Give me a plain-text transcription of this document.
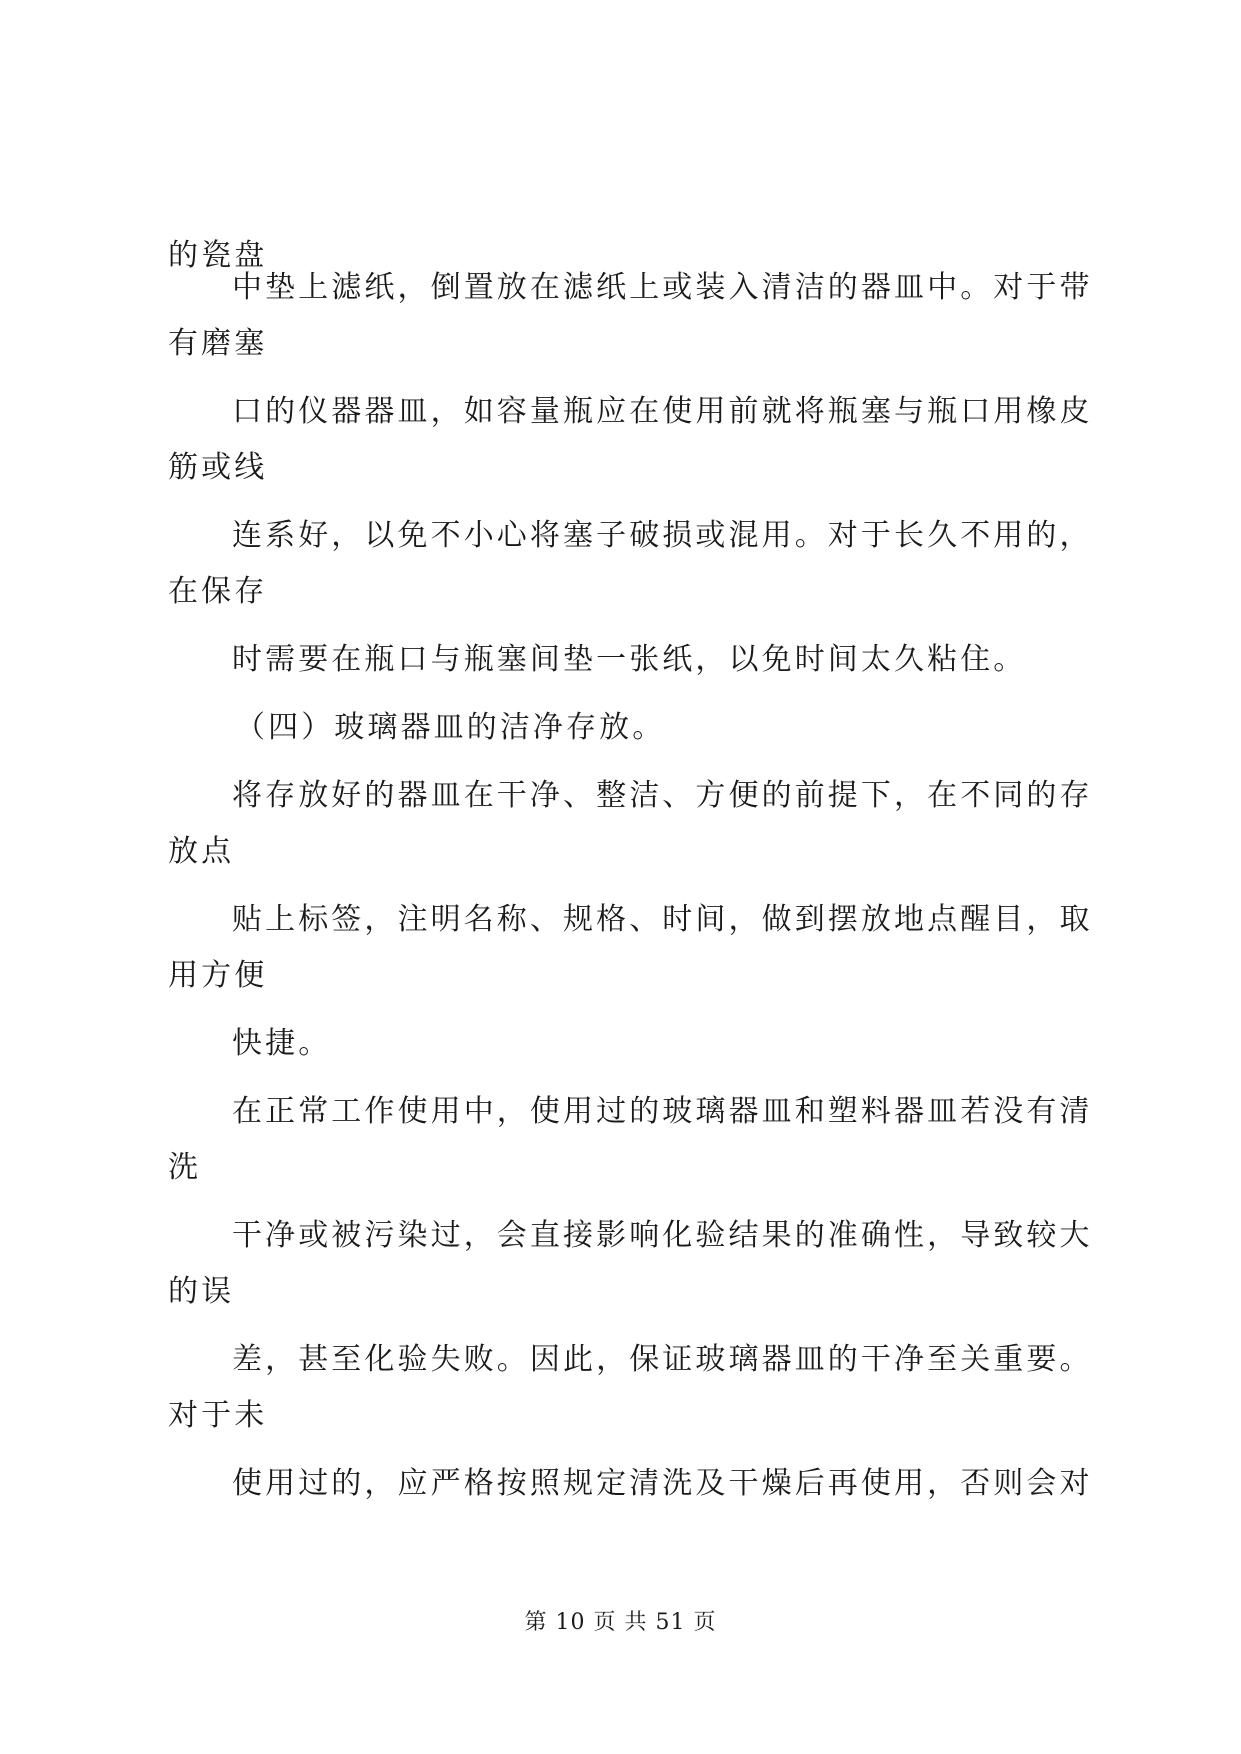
的瓷盘
中垫上滤纸，倒置放在滤纸上或装入清洁的器皿中。对于带
有磨塞
口的仪器器皿，如容量瓶应在使用前就将瓶塞与瓶口用橡皮
筋或线
连系好，以免不小心将塞子破损或混用。对于长久不用的，
在保存
时需要在瓶口与瓶塞间垫一张纸，以免时间太久粘住。
（四）玻璃器皿的洁净存放。
将存放好的器皿在干净、整洁、方便的前提下，在不同的存
放点
贴上标签，注明名称、规格、时间，做到摆放地点醒目，取
用方便
快捷。
在正常工作使用中，使用过的玻璃器皿和塑料器皿若没有清
洗
干净或被污染过，会直接影响化验结果的准确性，导致较大
的误
差，甚至化验失败。因此，保证玻璃器皿的干净至关重要。
对于未
使用过的，应严格按照规定清洗及干燥后再使用，否则会对
第 10 页 共 51 页
